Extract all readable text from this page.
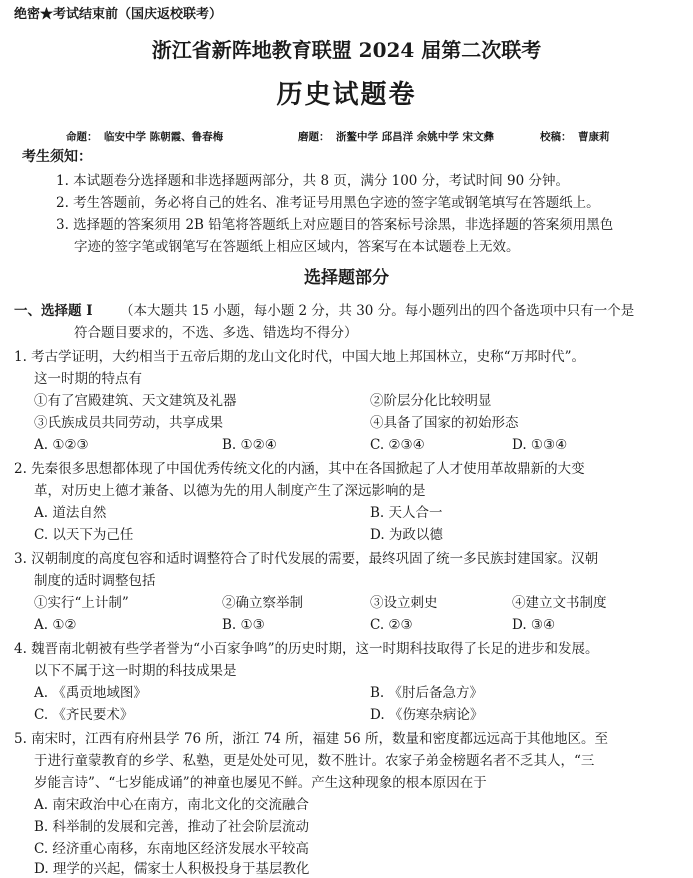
绝密★考试结束前（国庆返校联考）
浙江省新阵地教育联盟 2024 届第二次联考
历史试题卷
命题： 临安中学 陈朝霞、鲁春梅	磨题： 浙鳌中学 邱昌洋 余姚中学 宋文彝	校稿： 曹康莉
考生须知：
1. 本试题卷分选择题和非选择题两部分，共 8 页，满分 100 分，考试时间 90 分钟。
2. 考生答题前，务必将自己的姓名、准考证号用黑色字迹的签字笔或钢笔填写在答题纸上。
3. 选择题的答案须用 2B 铅笔将答题纸上对应题目的答案标号涂黑，非选择题的答案须用黑色
字迹的签字笔或钢笔写在答题纸上相应区域内，答案写在本试题卷上无效。
选择题部分
一、选择题 I （本大题共 15 小题，每小题 2 分，共 30 分。每小题列出的四个备选项中只有一个是
符合题目要求的，不选、多选、错选均不得分）
1. 考古学证明，大约相当于五帝后期的龙山文化时代，中国大地上邦国林立，史称“万邦时代”。
这一时期的特点有
①有了宫殿建筑、天文建筑及礼器	②阶层分化比较明显
③氏族成员共同劳动，共享成果	④具备了国家的初始形态
A. ①②③	B. ①②④	C. ②③④	D. ①③④
2. 先秦很多思想都体现了中国优秀传统文化的内涵，其中在各国掀起了人才使用革故鼎新的大变
革，对历史上德才兼备、以德为先的用人制度产生了深远影响的是
A. 道法自然	B. 天人合一
C. 以天下为己任	D. 为政以德
3. 汉朝制度的高度包容和适时调整符合了时代发展的需要，最终巩固了统一多民族封建国家。汉朝
制度的适时调整包括
①实行“上计制”	②确立察举制	③设立刺史	④建立文书制度
A. ①②	B. ①③	C. ②③	D. ③④
4. 魏晋南北朝被有些学者誉为“小百家争鸣”的历史时期，这一时期科技取得了长足的进步和发展。
以下不属于这一时期的科技成果是
A. 《禹贡地域图》	B. 《肘后备急方》
C. 《齐民要术》	D. 《伤寒杂病论》
5. 南宋时，江西有府州县学 76 所，浙江 74 所，福建 56 所，数量和密度都远远高于其他地区。至
于进行童蒙教育的乡学、私塾，更是处处可见，数不胜计。农家子弟金榜题名者不乏其人，“三
岁能言诗”、“七岁能成诵”的神童也屡见不鲜。产生这种现象的根本原因在于
A. 南宋政治中心在南方，南北文化的交流融合
B. 科举制的发展和完善，推动了社会阶层流动
C. 经济重心南移，东南地区经济发展水平较高
D. 理学的兴起，儒家士人积极投身于基层教化
